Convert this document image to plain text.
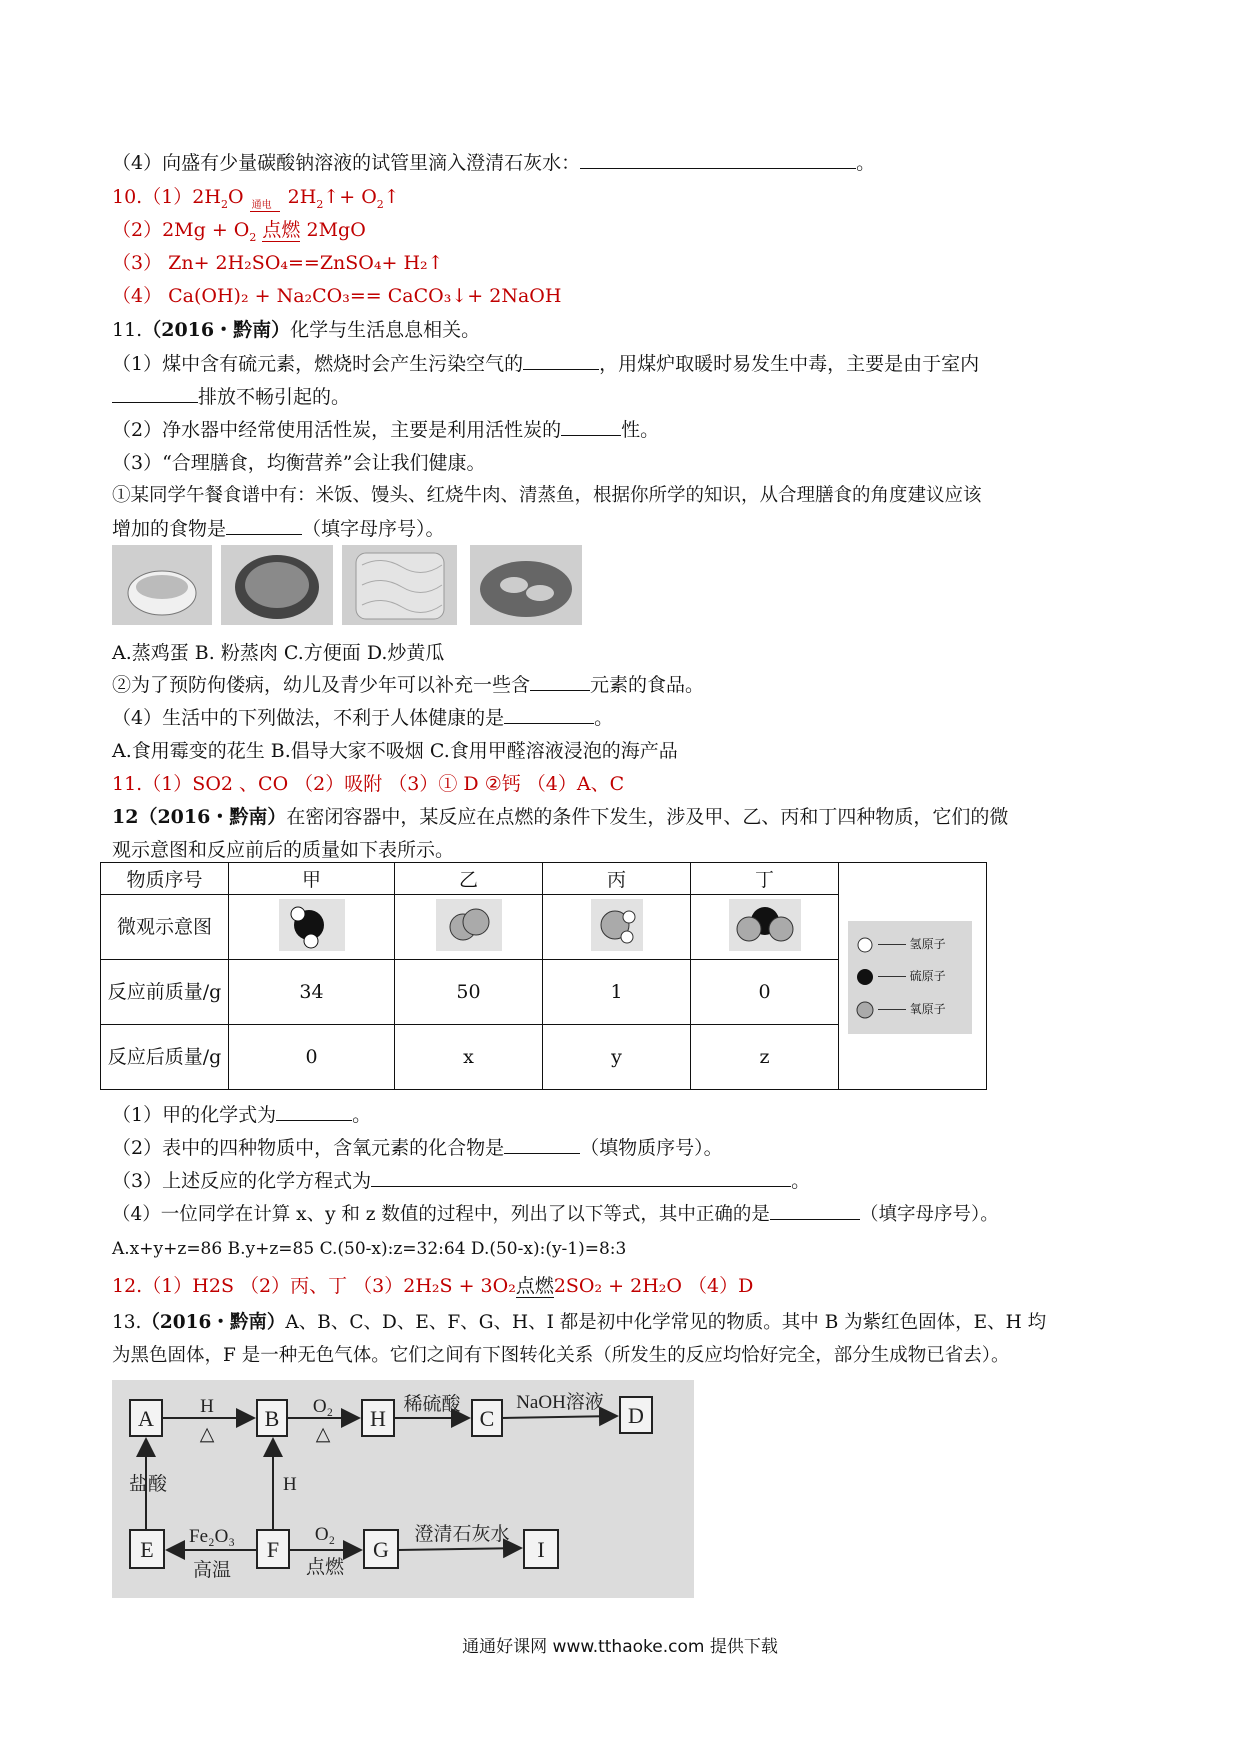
（4）向盛有少量碳酸钠溶液的试管里滴入澄清石灰水：	。
$10.(1)2H_2O$ 通电 $2H_2↑+$ $O_2↑$
$(2)2Mg + O_2$ 点燃 2MgO
（3） Zn+ 2H₂SO₄==ZnSO₄+ H₂↑
（4） Ca(OH)₂ + Na₂CO₃== CaCO₃↓+ 2NaOH
11.（2016・黔南）化学与生活息息相关。
（1）煤中含有硫元素，燃烧时会产生污染空气的	，用煤炉取暖时易发生中毒，主要是由于室内
排放不畅引起的。
（2）净水器中经常使用活性炭，主要是利用活性炭的	性。
（3）“合理膳食，均衡营养”会让我们健康。
①某同学午餐食谱中有：米饭、馒头、红烧牛肉、清蒸鱼，根据你所学的知识，从合理膳食的角度建议应该
增加的食物是	（填字母序号）。
A.蒸鸡蛋 B. 粉蒸肉 C.方便面 D.炒黄瓜
②为了预防佝偻病，幼儿及青少年可以补充一些含	元素的食品。
（4）生活中的下列做法，不利于人体健康的是	。
A.食用霉变的花生 B.倡导大家不吸烟 C.食用甲醛溶液浸泡的海产品
11.（1）SO2 、CO （2）吸附 （3）① D ②钙 （4）A、C
12（2016・黔南）在密闭容器中，某反应在点燃的条件下发生，涉及甲、乙、丙和丁四种物质，它们的微
观示意图和反应前后的质量如下表所示。
物质序号	甲	乙	丙	丁	
微观示意图				
反应前质量/g	34	50	1	0	
反应后质量/g	0	x	y	z	
氢原子
硫原子
氧原子
（1）甲的化学式为	。
（2）表中的四种物质中，含氧元素的化合物是	（填物质序号）。
（3）上述反应的化学方程式为	。
（4）一位同学在计算 x、y 和 z 数值的过程中，列出了以下等式，其中正确的是	（填字母序号）。
A.x+y+z=86 B.y+z=85 C.(50-x):z=32:64 D.(50-x):(y-1)=8:3
12.（1）H2S （2）丙、丁 （3）2H₂S + 3O₂点燃2SO₂ + 2H₂O （4）D
13.（2016・黔南）A、B、C、D、E、F、G、H、I 都是初中化学常见的物质。其中 B 为紫红色固体，E、H 均
为黑色固体，F 是一种无色气体。它们之间有下图转化关系（所发生的反应均恰好完全，部分生成物已省去）。
A	B	H	C	D
E	F	G	I
H
△
O₂
△
稀硫酸	NaOH溶液
盐酸	H
Fe₂O₃
高温
O₂
点燃
澄清石灰水
通通好课网 www.tthaoke.com 提供下载
